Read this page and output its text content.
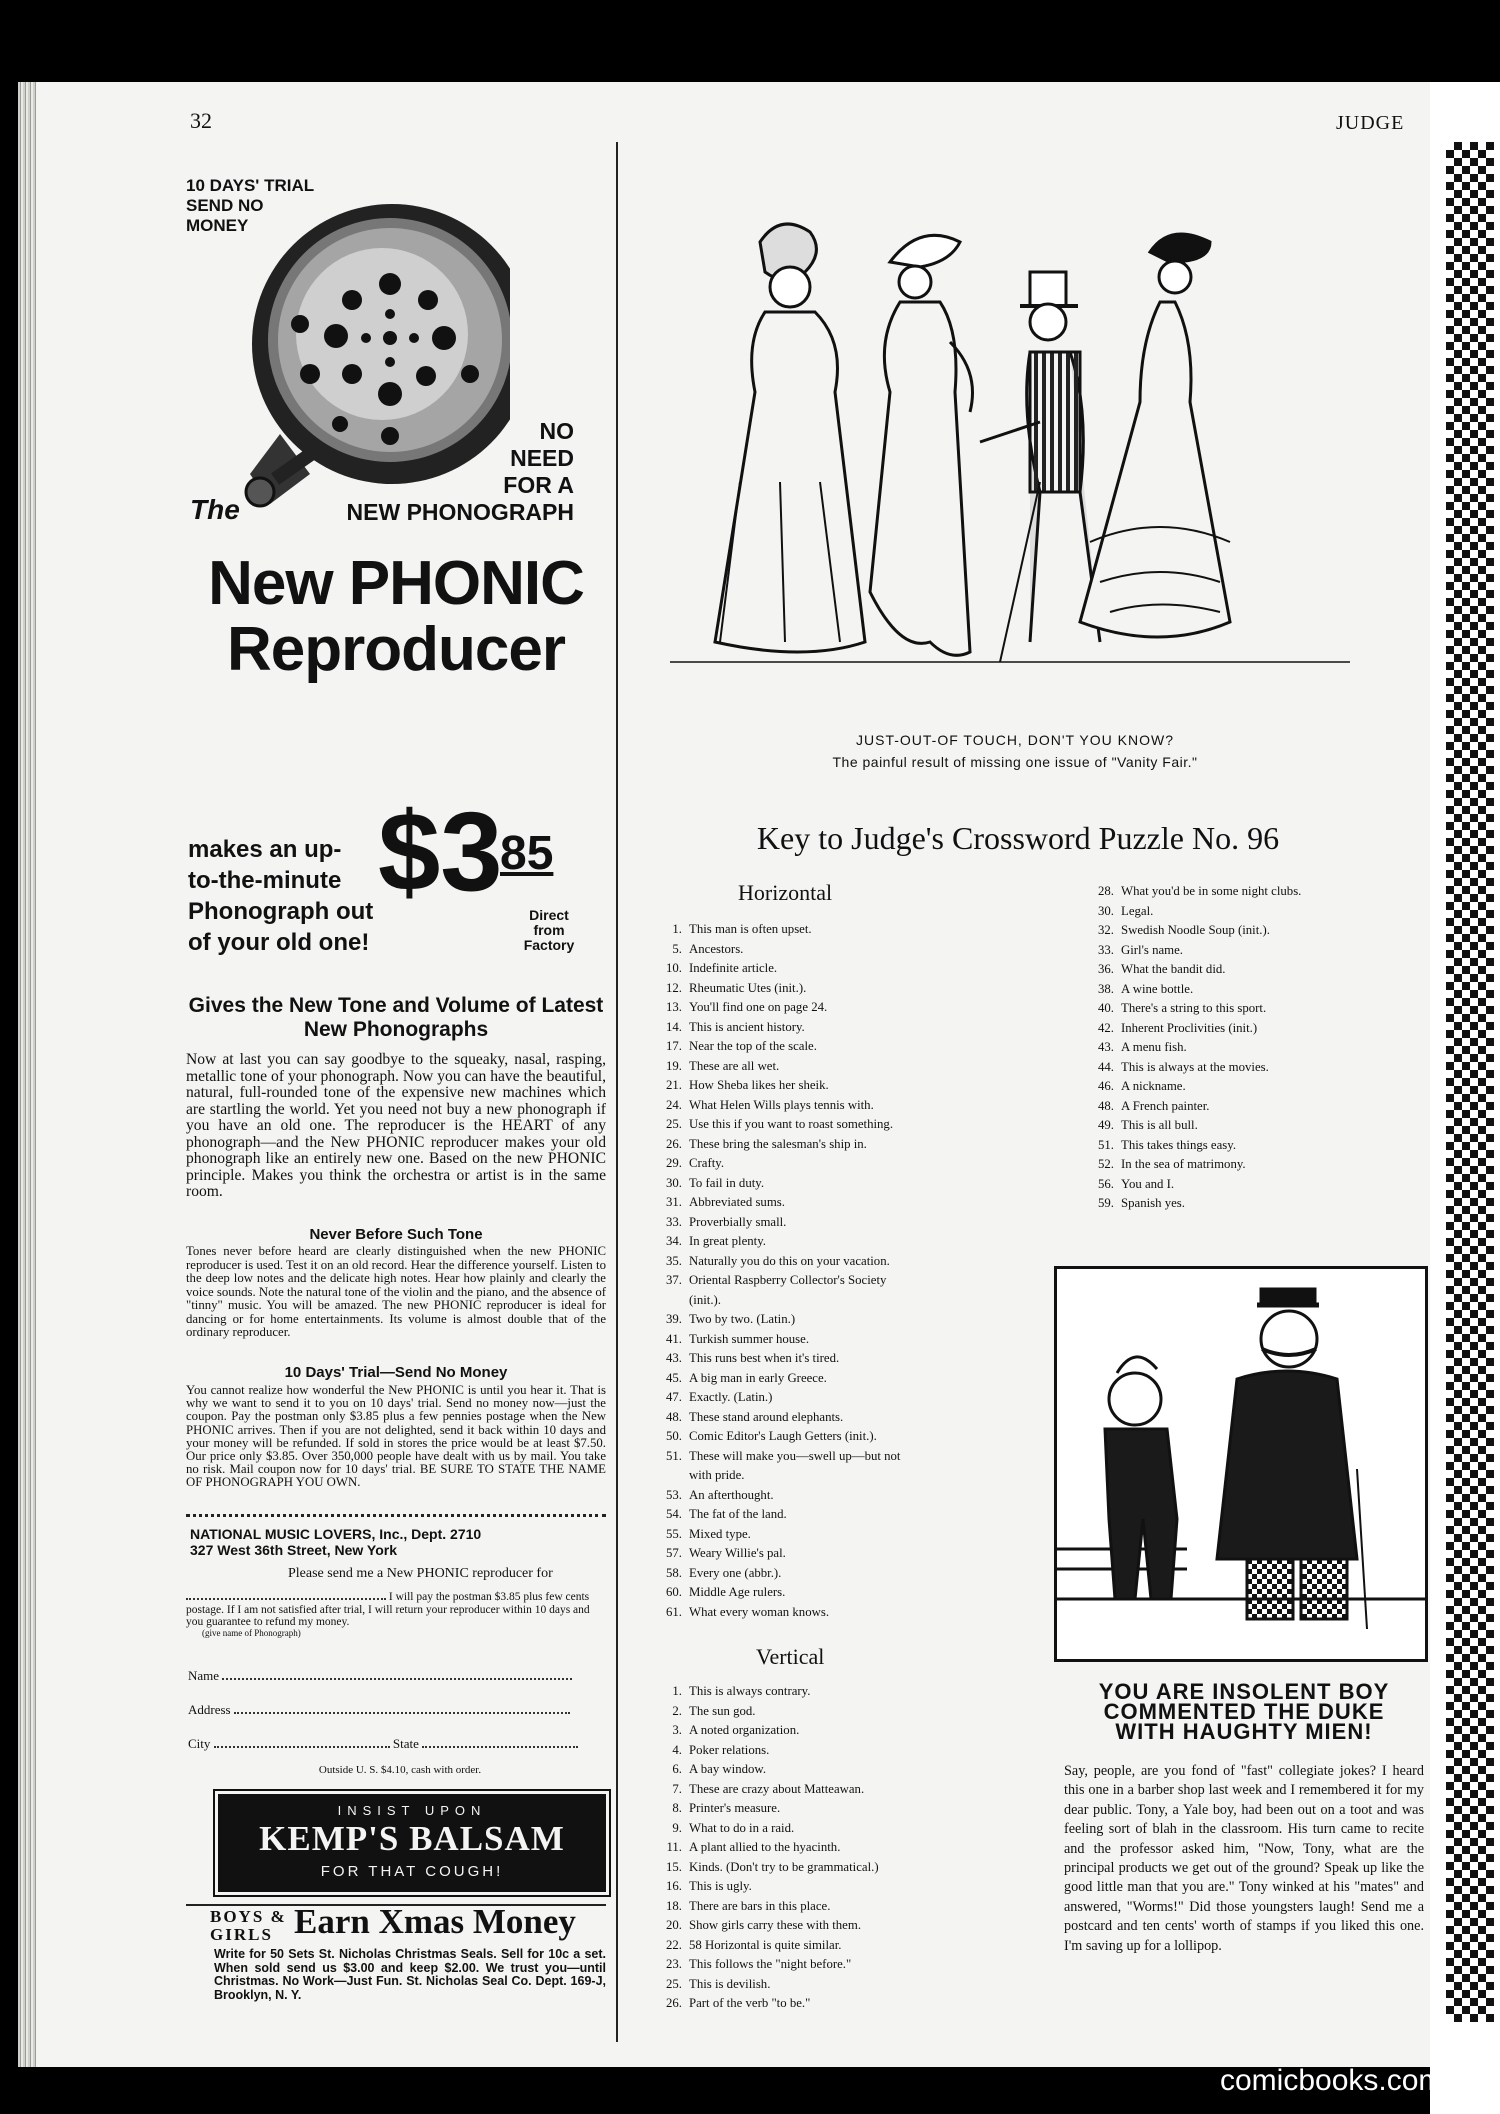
32	JUDGE
10 DAYS' TRIAL
SEND NO
MONEY
NO
NEED
FOR A
NEW PHONOGRAPH
The
New PHONIC
Reproducer
makes an up-
to-the-minute
Phonograph out
of your old one!
$3
85
Direct
from
Factory
Gives the New Tone and Volume of Latest New Phonographs
Now at last you can say goodbye to the squeaky, nasal, rasping, metallic tone of your phonograph. Now you can have the beautiful, natural, full-rounded tone of the expensive new machines which are startling the world. Yet you need not buy a new phonograph if you have an old one. The reproducer is the HEART of any phonograph—and the New PHONIC reproducer makes your old phonograph like an entirely new one. Based on the new PHONIC principle. Makes you think the orchestra or artist is in the same room.
Never Before Such Tone
Tones never before heard are clearly distinguished when the new PHONIC reproducer is used. Test it on an old record. Hear the difference yourself. Listen to the deep low notes and the delicate high notes. Hear how plainly and clearly the voice sounds. Note the natural tone of the violin and the piano, and the absence of "tinny" music. You will be amazed. The new PHONIC reproducer is ideal for dancing or for home entertainments. Its volume is almost double that of the ordinary reproducer.
10 Days' Trial—Send No Money
You cannot realize how wonderful the New PHONIC is until you hear it. That is why we want to send it to you on 10 days' trial. Send no money now—just the coupon. Pay the postman only $3.85 plus a few pennies postage when the New PHONIC arrives. Then if you are not delighted, send it back within 10 days and your money will be refunded. If sold in stores the price would be at least $7.50. Our price only $3.85. Over 350,000 people have dealt with us by mail. You take no risk. Mail coupon now for 10 days' trial. BE SURE TO STATE THE NAME OF PHONOGRAPH YOU OWN.
NATIONAL MUSIC LOVERS, Inc., Dept. 2710
327 West 36th Street, New York
Please send me a New PHONIC reproducer for
I will pay the postman $3.85 plus few cents postage. If I am not satisfied after trial, I will return your reproducer within 10 days and you guarantee to refund my money.
(give name of Phonograph)
Name
Address
City	State
Outside U. S. $4.10, cash with order.
INSIST UPON
KEMP'S BALSAM
FOR THAT COUGH!
BOYS &
GIRLS Earn Xmas Money
Write for 50 Sets St. Nicholas Christmas Seals. Sell for 10c a set. When sold send us $3.00 and keep $2.00. We trust you—until Christmas. No Work—Just Fun. St. Nicholas Seal Co. Dept. 169-J, Brooklyn, N. Y.
JUST-OUT-OF TOUCH, DON'T YOU KNOW?
The painful result of missing one issue of "Vanity Fair."
Key to Judge's Crossword Puzzle No. 96
Horizontal
1. This man is often upset.
5. Ancestors.
10. Indefinite article.
12. Rheumatic Utes (init.).
13. You'll find one on page 24.
14. This is ancient history.
17. Near the top of the scale.
19. These are all wet.
21. How Sheba likes her sheik.
24. What Helen Wills plays tennis with.
25. Use this if you want to roast something.
26. These bring the salesman's ship in.
29. Crafty.
30. To fail in duty.
31. Abbreviated sums.
33. Proverbially small.
34. In great plenty.
35. Naturally you do this on your vacation.
37. Oriental Raspberry Collector's Society
(init.).
39. Two by two. (Latin.)
41. Turkish summer house.
43. This runs best when it's tired.
45. A big man in early Greece.
47. Exactly. (Latin.)
48. These stand around elephants.
50. Comic Editor's Laugh Getters (init.).
51. These will make you—swell up—but not
with pride.
53. An afterthought.
54. The fat of the land.
55. Mixed type.
57. Weary Willie's pal.
58. Every one (abbr.).
60. Middle Age rulers.
61. What every woman knows.
28. What you'd be in some night clubs.
30. Legal.
32. Swedish Noodle Soup (init.).
33. Girl's name.
36. What the bandit did.
38. A wine bottle.
40. There's a string to this sport.
42. Inherent Proclivities (init.)
43. A menu fish.
44. This is always at the movies.
46. A nickname.
48. A French painter.
49. This is all bull.
51. This takes things easy.
52. In the sea of matrimony.
56. You and I.
59. Spanish yes.
Vertical
1. This is always contrary.
2. The sun god.
3. A noted organization.
4. Poker relations.
6. A bay window.
7. These are crazy about Matteawan.
8. Printer's measure.
9. What to do in a raid.
11. A plant allied to the hyacinth.
15. Kinds. (Don't try to be grammatical.)
16. This is ugly.
18. There are bars in this place.
20. Show girls carry these with them.
22. 58 Horizontal is quite similar.
23. This follows the "night before."
25. This is devilish.
26. Part of the verb "to be."
YOU ARE INSOLENT BOY
COMMENTED THE DUKE
WITH HAUGHTY MIEN!
Say, people, are you fond of "fast" collegiate jokes? I heard this one in a barber shop last week and I remembered it for my dear public. Tony, a Yale boy, had been out on a toot and was feeling sort of blah in the classroom. His turn came to recite and the professor asked him, "Now, Tony, what are the principal products we get out of the ground? Speak up like the good little man that you are." Tony winked at his "mates" and answered, "Worms!" Did those youngsters laugh! Send me a postcard and ten cents' worth of stamps if you liked this one. I'm saving up for a lollipop.
comicbooks.com
